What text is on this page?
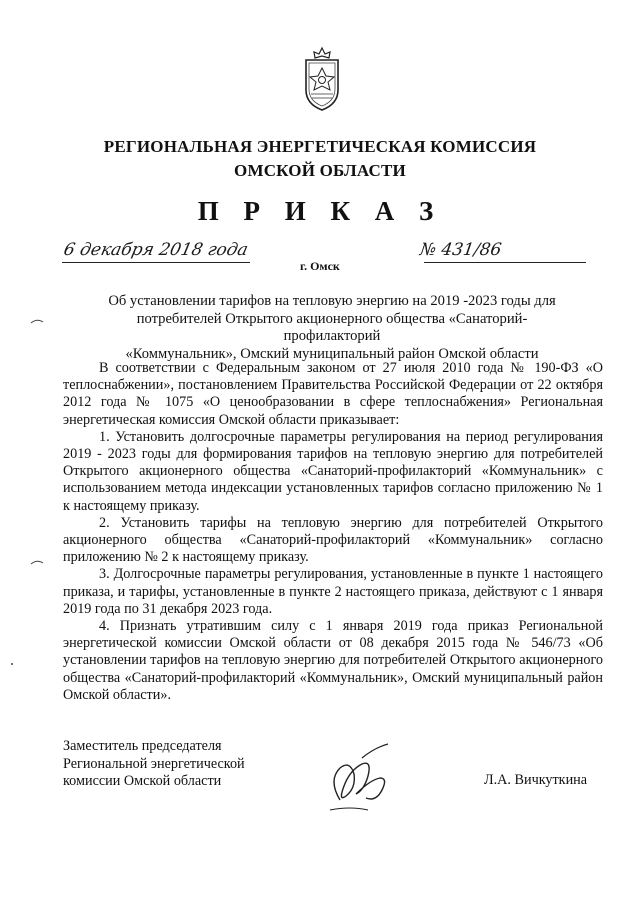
РЕГИОНАЛЬНАЯ ЭНЕРГЕТИЧЕСКАЯ КОМИССИЯ
ОМСКОЙ ОБЛАСТИ
П Р И К А З
6 декабря 2018 года	№ 431/86
г. Омск
Об установлении тарифов на тепловую энергию на 2019 -2023 годы для
потребителей Открытого акционерного общества «Санаторий-профилакторий
«Коммунальник», Омский муниципальный район Омской области

В соответствии с Федеральным законом от 27 июля 2010 года № 190-ФЗ «О теплоснабжении», постановлением Правительства Российской Федерации от 22 октября 2012 года № 1075 «О ценообразовании в сфере теплоснабжения» Региональная энергетическая комиссия Омской области приказывает:

1. Установить долгосрочные параметры регулирования на период регулирования 2019 - 2023 годы для формирования тарифов на тепловую энергию для потребителей Открытого акционерного общества «Санаторий-профилакторий «Коммунальник» с использованием метода индексации установленных тарифов согласно приложению № 1 к настоящему приказу.

2. Установить тарифы на тепловую энергию для потребителей Открытого акционерного общества «Санаторий-профилакторий «Коммунальник» согласно приложению № 2 к настоящему приказу.

3. Долгосрочные параметры регулирования, установленные в пункте 1 настоящего приказа, и тарифы, установленные в пункте 2 настоящего приказа, действуют с 1 января 2019 года по 31 декабря 2023 года.

4. Признать утратившим силу с 1 января 2019 года приказ Региональной энергетической комиссии Омской области от 08 декабря 2015 года № 546/73 «Об установлении тарифов на тепловую энергию для потребителей Открытого акционерного общества «Санаторий-профилакторий «Коммунальник», Омский муниципальный район Омской области».

Заместитель председателя
Региональной энергетической
комиссии Омской области	Л.А. Вичкуткина
